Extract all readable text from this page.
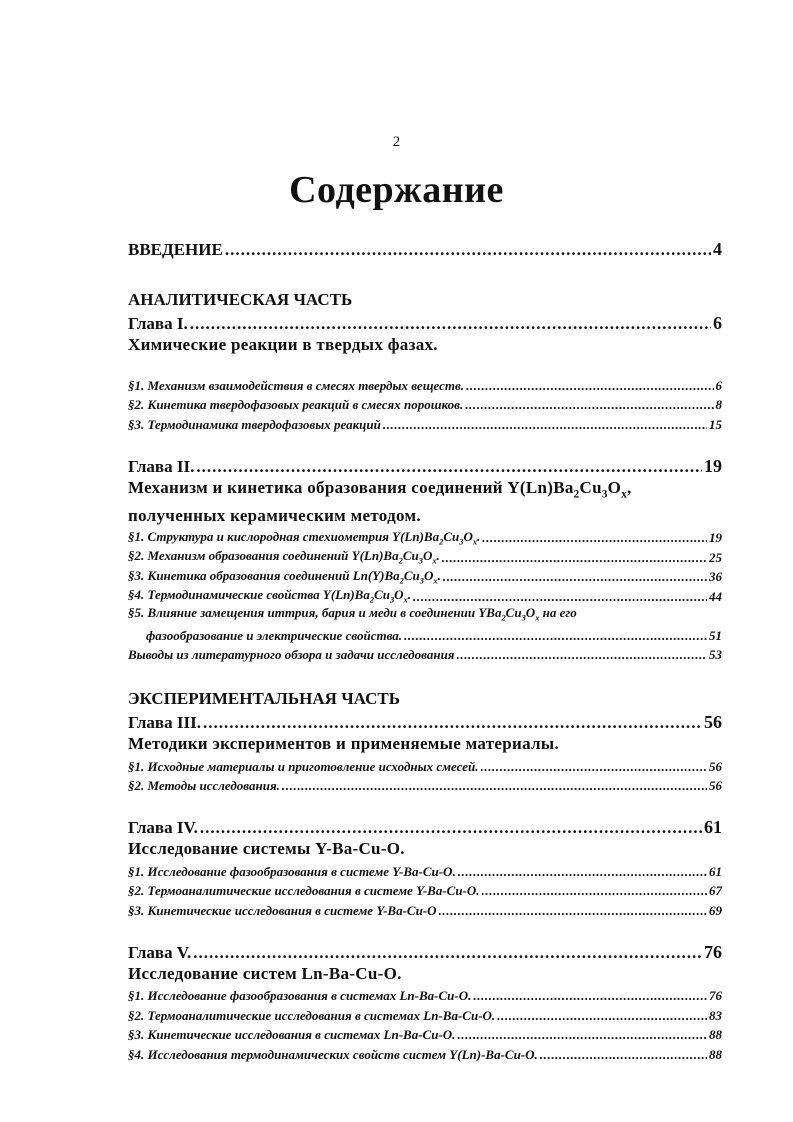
2
Содержание
ВВЕДЕНИЕ .....	4
АНАЛИТИЧЕСКАЯ ЧАСТЬ
Глава I. .....	6
Химические реакции в твердых фазах.
§1. Механизм взаимодействия в смесях твердых веществ. .....	6
§2. Кинетика твердофазовых реакций в смесях порошков. .....	8
§3. Термодинамика твердофазовых реакций .....	15
Глава II. .....	19
Механизм и кинетика образования соединений $Y(Ln)Ba_2Cu_3O_x$,
полученных керамическим методом.
§1. Структура и кислородная стехиометрия $Y(Ln)Ba_2Cu_3O_x$. .....	19
§2. Механизм образования соединений $Y(Ln)Ba_2Cu_3O_x$. .....	25
§3. Кинетика образования соединений $Ln(Y)Ba_2Cu_3O_x$. .....	36
§4. Термодинамические свойства $Y(Ln)Ba_2Cu_3O_x$. .....	44
§5. Влияние замещения иттрия, бария и меди в соединении $YBa_2Cu_3O_x$ на его
фазообразование и электрические свойства. .....	51
Выводы из литературного обзора и задачи исследования .....	53
ЭКСПЕРИМЕНТАЛЬНАЯ ЧАСТЬ
Глава III. .....	56
Методики экспериментов и применяемые материалы.
§1. Исходные материалы и приготовление исходных смесей. .....	56
§2. Методы исследования. .....	56
Глава IV. .....	61
Исследование системы Y-Ba-Cu-O.
§1. Исследование фазообразования в системе Y-Ba-Cu-O. .....	61
§2. Термоаналитические исследования в системе Y-Ba-Cu-O. .....	67
§3. Кинетические исследования в системе Y-Ba-Cu-O .....	69
Глава V. .....	76
Исследование систем Ln-Ba-Cu-O.
§1. Исследование фазообразования в системах Ln-Ba-Cu-O. .....	76
§2. Термоаналитические исследования в системах Ln-Ba-Cu-O. .....	83
§3. Кинетические исследования в системах Ln-Ba-Cu-O. .....	88
§4. Исследования термодинамических свойств систем Y(Ln)-Ba-Cu-O. .....	88
